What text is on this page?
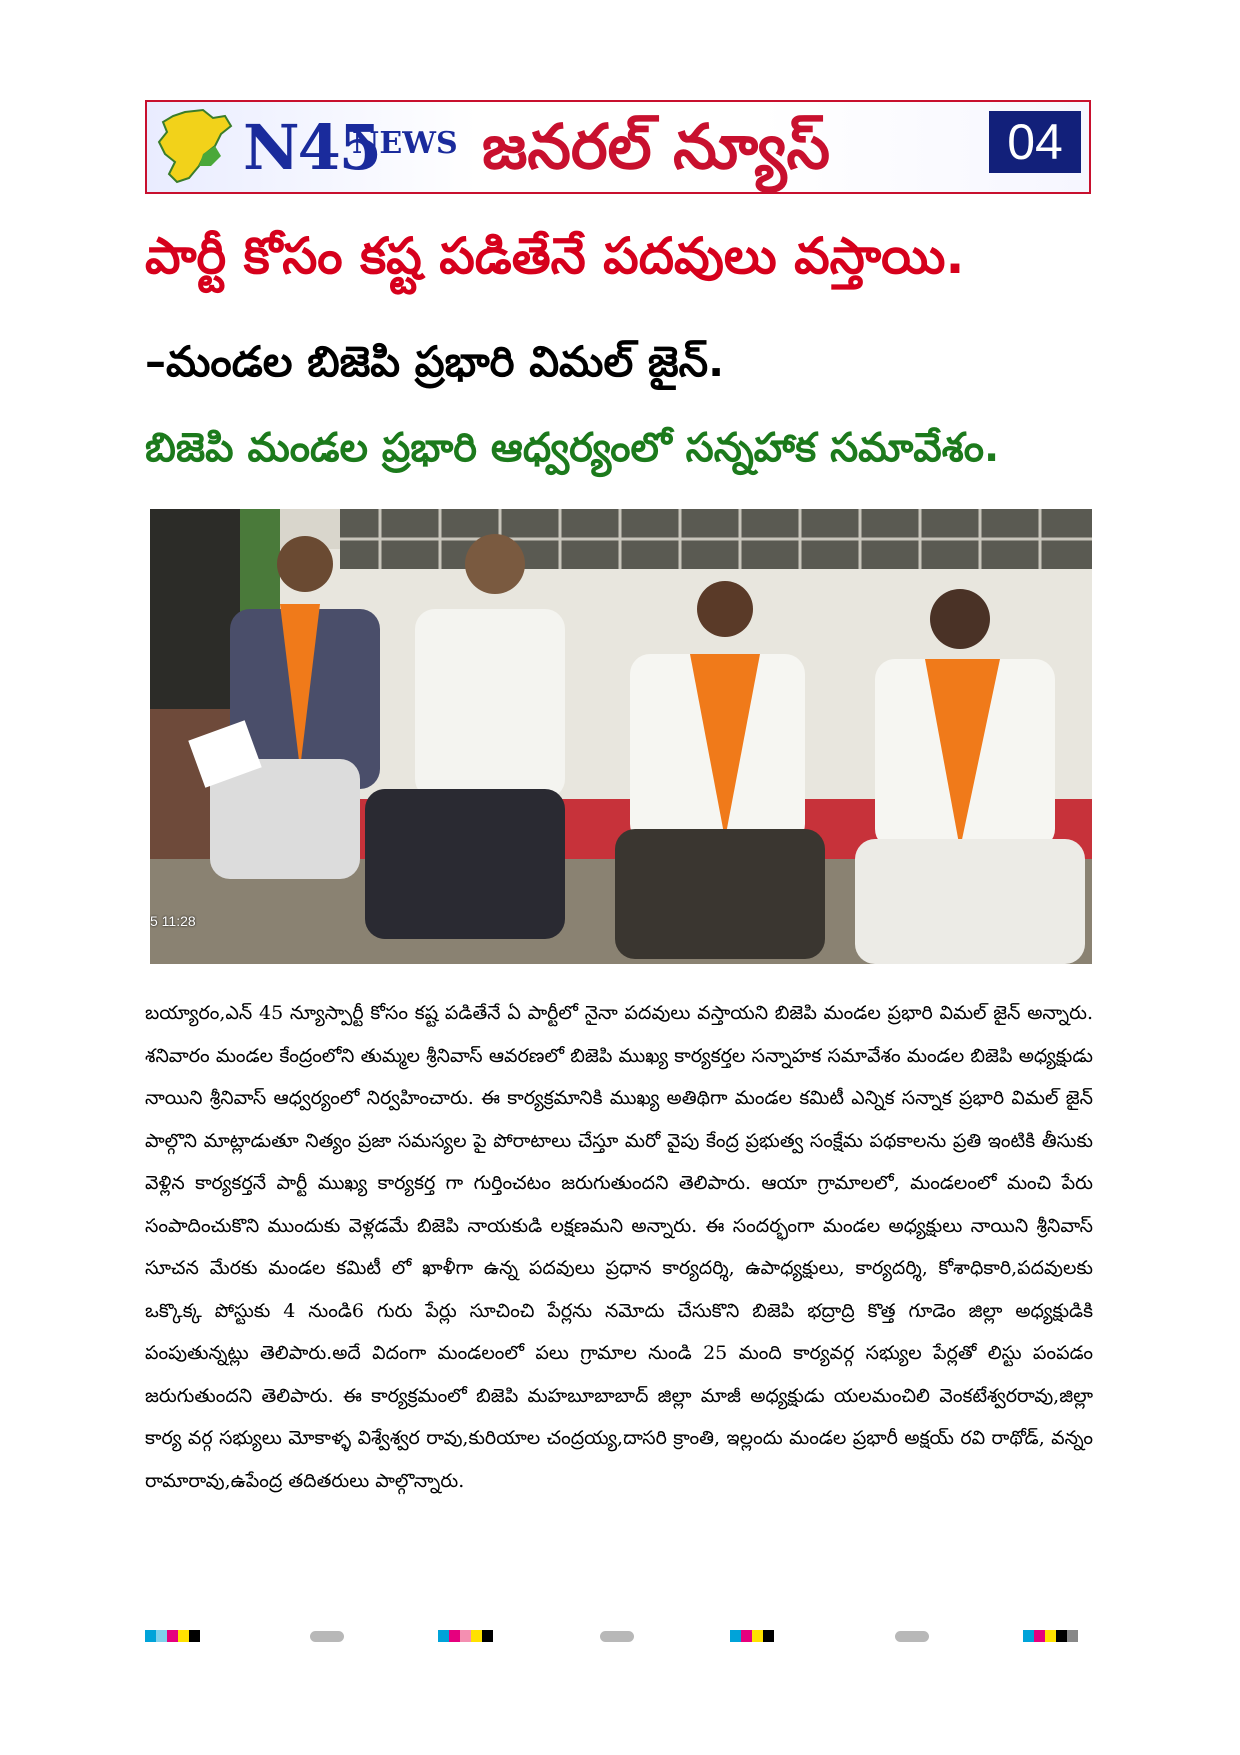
N45
NEWS జనరల్ న్యూస్	04
పార్టీ కోసం కష్ట పడితేనే పదవులు వస్తాయి.
–మండల బిజెపి ప్రభారి విమల్ జైన్.
బిజెపి మండల ప్రభారి ఆధ్వర్యంలో సన్నహాక సమావేశం.
5 11:28

బయ్యారం,ఎన్ 45 న్యూస్పార్టీ కోసం కష్ట పడితేనే ఏ పార్టీలో నైనా పదవులు వస్తాయని బిజెపి మండల ప్రభారి విమల్ జైన్ అన్నారు. శనివారం మండల కేంద్రంలోని తుమ్మల శ్రీనివాస్ ఆవరణలో బిజెపి ముఖ్య కార్యకర్తల సన్నాహక సమావేశం మండల బిజెపి అధ్యక్షుడు నాయిని శ్రీనివాస్ ఆధ్వర్యంలో నిర్వహించారు. ఈ కార్యక్రమానికి ముఖ్య అతిథిగా మండల కమిటీ ఎన్నిక సన్నాక ప్రభారి విమల్ జైన్ పాల్గొని మాట్లాడుతూ నిత్యం ప్రజా సమస్యల పై పోరాటాలు చేస్తూ మరో వైపు కేంద్ర ప్రభుత్వ సంక్షేమ పథకాలను ప్రతి ఇంటికి తీసుకు వెళ్లిన కార్యకర్తనే పార్టీ ముఖ్య కార్యకర్త గా గుర్తించటం జరుగుతుందని తెలిపారు. ఆయా గ్రామాలలో, మండలంలో మంచి పేరు సంపాదించుకొని ముందుకు వెళ్లడమే బిజెపి నాయకుడి లక్షణమని అన్నారు. ఈ సందర్భంగా మండల అధ్యక్షులు నాయిని శ్రీనివాస్ సూచన మేరకు మండల కమిటీ లో ఖాళీగా ఉన్న పదవులు ప్రధాన కార్యదర్శి, ఉపాధ్యక్షులు, కార్యదర్శి, కోశాధికారి,పదవులకు ఒక్కొక్క పోస్టుకు 4 నుండి6 గురు పేర్లు సూచించి పేర్లను నమోదు చేసుకొని బిజెపి భద్రాద్రి కొత్త గూడెం జిల్లా అధ్యక్షుడికి పంపుతున్నట్లు తెలిపారు.అదే విదంగా మండలంలో పలు గ్రామాల నుండి 25 మంది కార్యవర్గ సభ్యుల పేర్లతో లిస్టు పంపడం జరుగుతుందని తెలిపారు. ఈ కార్యక్రమంలో బిజెపి మహబూబాబాద్ జిల్లా మాజీ అధ్యక్షుడు యలమంచిలి వెంకటేశ్వరరావు,జిల్లా కార్య వర్గ సభ్యులు మోకాళ్ళ విశ్వేశ్వర రావు,కురియాల చంద్రయ్య,దాసరి క్రాంతి, ఇల్లందు మండల ప్రభారీ అక్షయ్ రవి రాథోడ్, వన్నం రామారావు,ఉపేంద్ర తదితరులు పాల్గొన్నారు.
